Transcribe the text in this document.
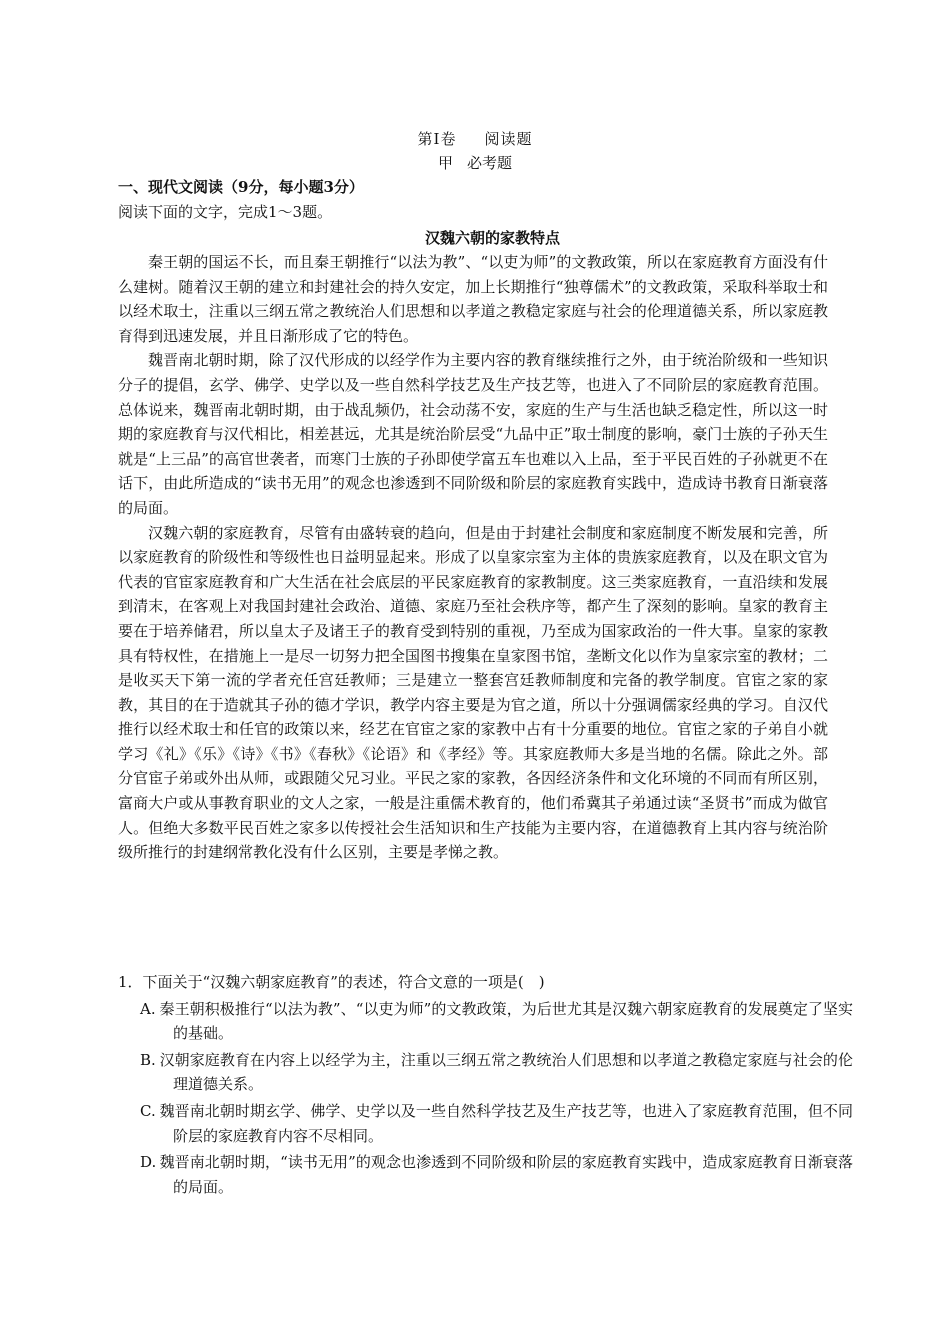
第Ⅰ卷 阅读题
甲 必考题
一、现代文阅读（9分，每小题3分）
阅读下面的文字，完成1～3题。
汉魏六朝的家教特点

秦王朝的国运不长，而且秦王朝推行“以法为教”、“以吏为师”的文教政策，所以在家庭教育方面没有什么建树。随着汉王朝的建立和封建社会的持久安定，加上长期推行“独尊儒术”的文教政策，采取科举取士和以经术取士，注重以三纲五常之教统治人们思想和以孝道之教稳定家庭与社会的伦理道德关系，所以家庭教育得到迅速发展，并且日渐形成了它的特色。

魏晋南北朝时期，除了汉代形成的以经学作为主要内容的教育继续推行之外，由于统治阶级和一些知识分子的提倡，玄学、佛学、史学以及一些自然科学技艺及生产技艺等，也进入了不同阶层的家庭教育范围。总体说来，魏晋南北朝时期，由于战乱频仍，社会动荡不安，家庭的生产与生活也缺乏稳定性，所以这一时期的家庭教育与汉代相比，相差甚远，尤其是统治阶层受“九品中正”取士制度的影响，豪门士族的子孙天生就是“上三品”的高官世袭者，而寒门士族的子孙即使学富五车也难以入上品，至于平民百姓的子孙就更不在话下，由此所造成的“读书无用”的观念也渗透到不同阶级和阶层的家庭教育实践中，造成诗书教育日渐衰落的局面。

汉魏六朝的家庭教育，尽管有由盛转衰的趋向，但是由于封建社会制度和家庭制度不断发展和完善，所以家庭教育的阶级性和等级性也日益明显起来。形成了以皇家宗室为主体的贵族家庭教育，以及在职文官为代表的官宦家庭教育和广大生活在社会底层的平民家庭教育的家教制度。这三类家庭教育，一直沿续和发展到清末，在客观上对我国封建社会政治、道德、家庭乃至社会秩序等，都产生了深刻的影响。皇家的教育主要在于培养储君，所以皇太子及诸王子的教育受到特别的重视，乃至成为国家政治的一件大事。皇家的家教具有特权性，在措施上一是尽一切努力把全国图书搜集在皇家图书馆，垄断文化以作为皇家宗室的教材；二是收买天下第一流的学者充任宫廷教师；三是建立一整套宫廷教师制度和完备的教学制度。官宦之家的家教，其目的在于造就其子孙的德才学识，教学内容主要是为官之道，所以十分强调儒家经典的学习。自汉代推行以经术取士和任官的政策以来，经艺在官宦之家的家教中占有十分重要的地位。官宦之家的子弟自小就学习《礼》《乐》《诗》《书》《春秋》《论语》和《孝经》等。其家庭教师大多是当地的名儒。除此之外。部分官宦子弟或外出从师，或跟随父兄习业。平民之家的家教，各因经济条件和文化环境的不同而有所区别，富商大户或从事教育职业的文人之家，一般是注重儒术教育的，他们希冀其子弟通过读“圣贤书”而成为做官人。但绝大多数平民百姓之家多以传授社会生活知识和生产技能为主要内容，在道德教育上其内容与统治阶级所推行的封建纲常教化没有什么区别，主要是孝悌之教。

1．下面关于“汉魏六朝家庭教育”的表述，符合文意的一项是(　)

A. 秦王朝积极推行“以法为教”、“以吏为师”的文教政策，为后世尤其是汉魏六朝家庭教育的发展奠定了坚实的基础。
B. 汉朝家庭教育在内容上以经学为主，注重以三纲五常之教统治人们思想和以孝道之教稳定家庭与社会的伦理道德关系。
C. 魏晋南北朝时期玄学、佛学、史学以及一些自然科学技艺及生产技艺等，也进入了家庭教育范围，但不同阶层的家庭教育内容不尽相同。
D. 魏晋南北朝时期，“读书无用”的观念也渗透到不同阶级和阶层的家庭教育实践中，造成家庭教育日渐衰落的局面。
